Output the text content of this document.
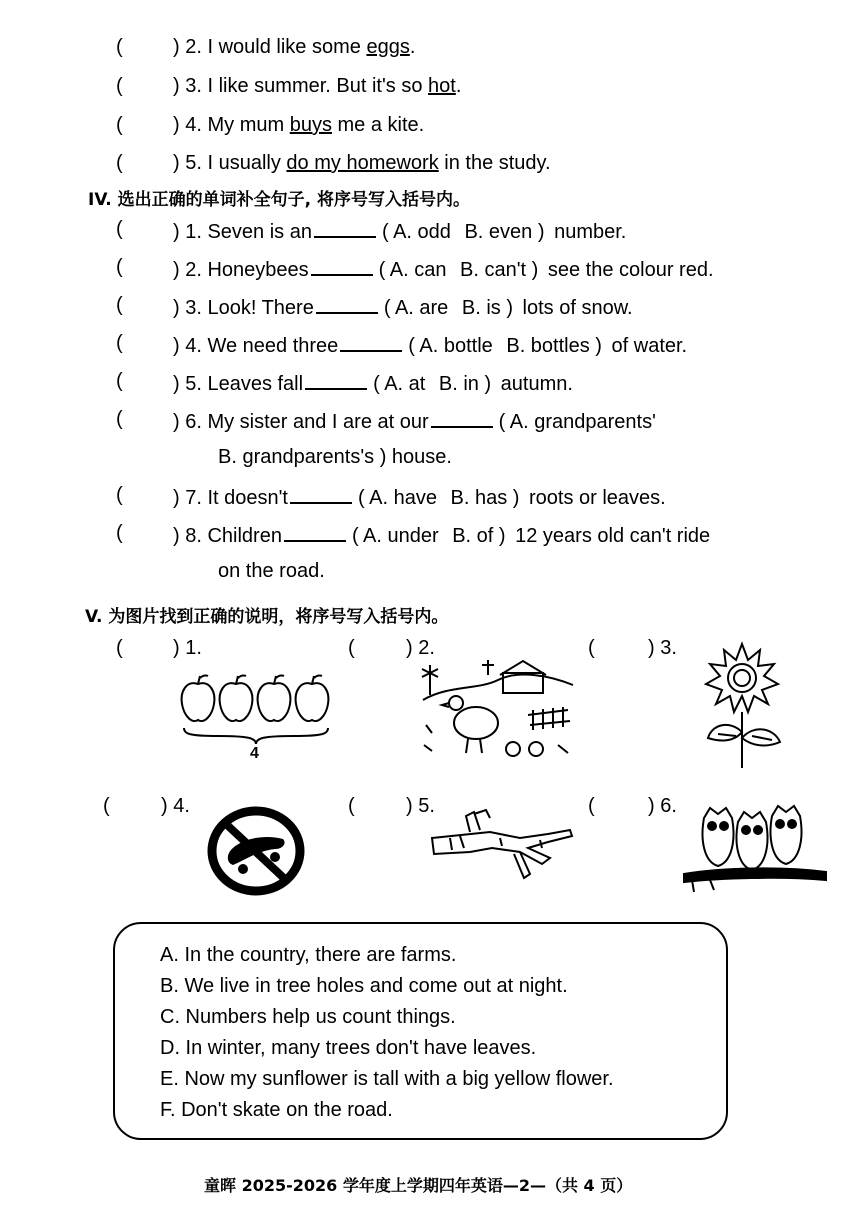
(	) 2. I would like some eggs.
(	) 3. I like summer. But it's so hot.
(	) 4. My mum buys me a kite.
(	) 5. I usually do my homework in the study.
IV. 选出正确的单词补全句子, 将序号写入括号内。
(	) 1. Seven is an	( A. odd B. even ) number.
(	) 2. Honeybees	( A. can B. can't ) see the colour red.
(	) 3. Look! There	( A. are B. is ) lots of snow.
(	) 4. We need three	( A. bottle B. bottles ) of water.
(	) 5. Leaves fall	( A. at B. in ) autumn.
(	) 6. My sister and I are at our	( A. grandparents'
B. grandparents's ) house.
(	) 7. It doesn't	( A. have B. has ) roots or leaves.
(	) 8. Children	( A. under B. of ) 12 years old can't ride
on the road.
V. 为图片找到正确的说明，将序号写入括号内。
(	) 1.	(	) 2.	(	) 3.
4
(	) 4.	(	) 5.	(	) 6.
A. In the country, there are farms.
B. We live in tree holes and come out at night.
C. Numbers help us count things.
D. In winter, many trees don't have leaves.
E. Now my sunflower is tall with a big yellow flower.
F. Don't skate on the road.
童晖 2025-2026 学年度上学期四年英语—2—（共 4 页）
